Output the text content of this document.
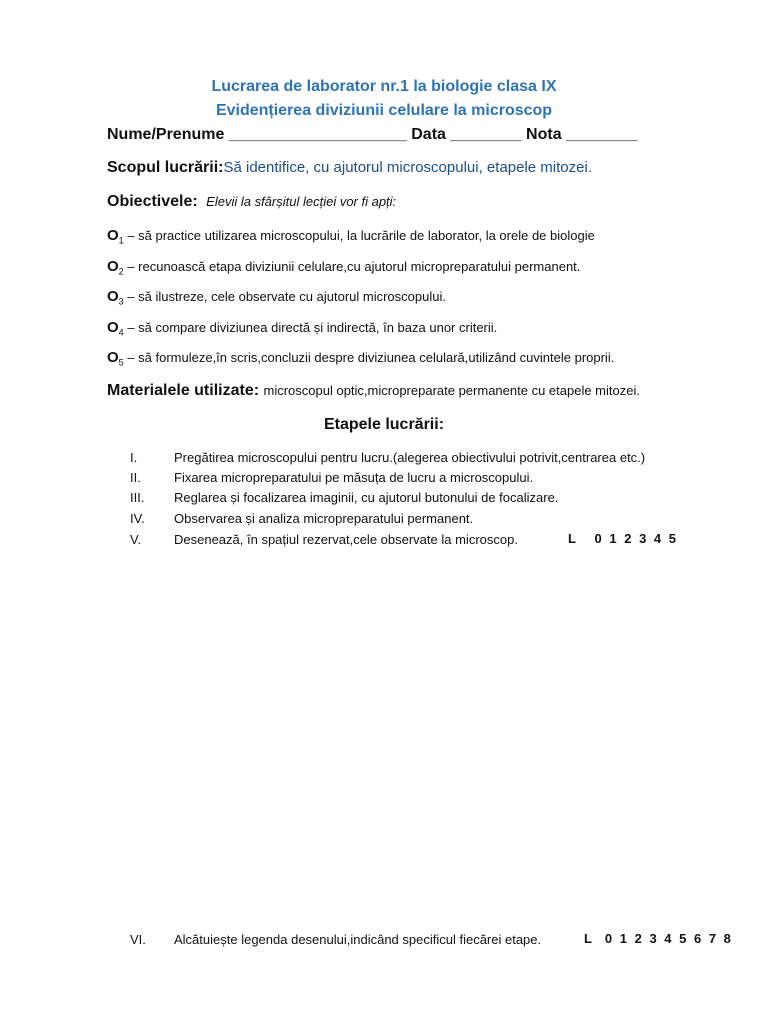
Lucrarea de laborator nr.1 la biologie clasa IX
Evidențierea diviziunii celulare la microscop
Nume/Prenume ____________________ Data ________ Nota ________
Scopul lucrării:Să identifice, cu ajutorul microscopului, etapele mitozei.
Obiectivele: Elevii la sfârșitul lecției vor fi apți:
$O_1$ – să practice utilizarea microscopului, la lucrările de laborator, la orele de biologie
$O_2$ – recunoască etapa diviziunii celulare,cu ajutorul micropreparatului permanent.
$O_3$ – să ilustreze, cele observate cu ajutorul microscopului.
$O_4$ – să compare diviziunea directă și indirectă, în baza unor criterii.
$O_5$ – să formuleze,în scris,concluzii despre diviziunea celulară,utilizând cuvintele proprii.
Materialele utilizate: microscopul optic,micropreparate permanente cu etapele mitozei.
Etapele lucrării:
I.	Pregătirea microscopului pentru lucru.(alegerea obiectivului potrivit,centrarea etc.)
II.	Fixarea micropreparatului pe măsuța de lucru a microscopului.
III. Reglarea și focalizarea imaginii, cu ajutorul butonului de focalizare.
IV. Observarea și analiza micropreparatului permanent.
V.	Desenează, în spațiul rezervat,cele observate la microscop.	L   0 1 2 3 4 5
VI. Alcătuiește legenda desenului,indicând specificul fiecărei etape.	L  0 1 2 3 4 5 6 7 8
